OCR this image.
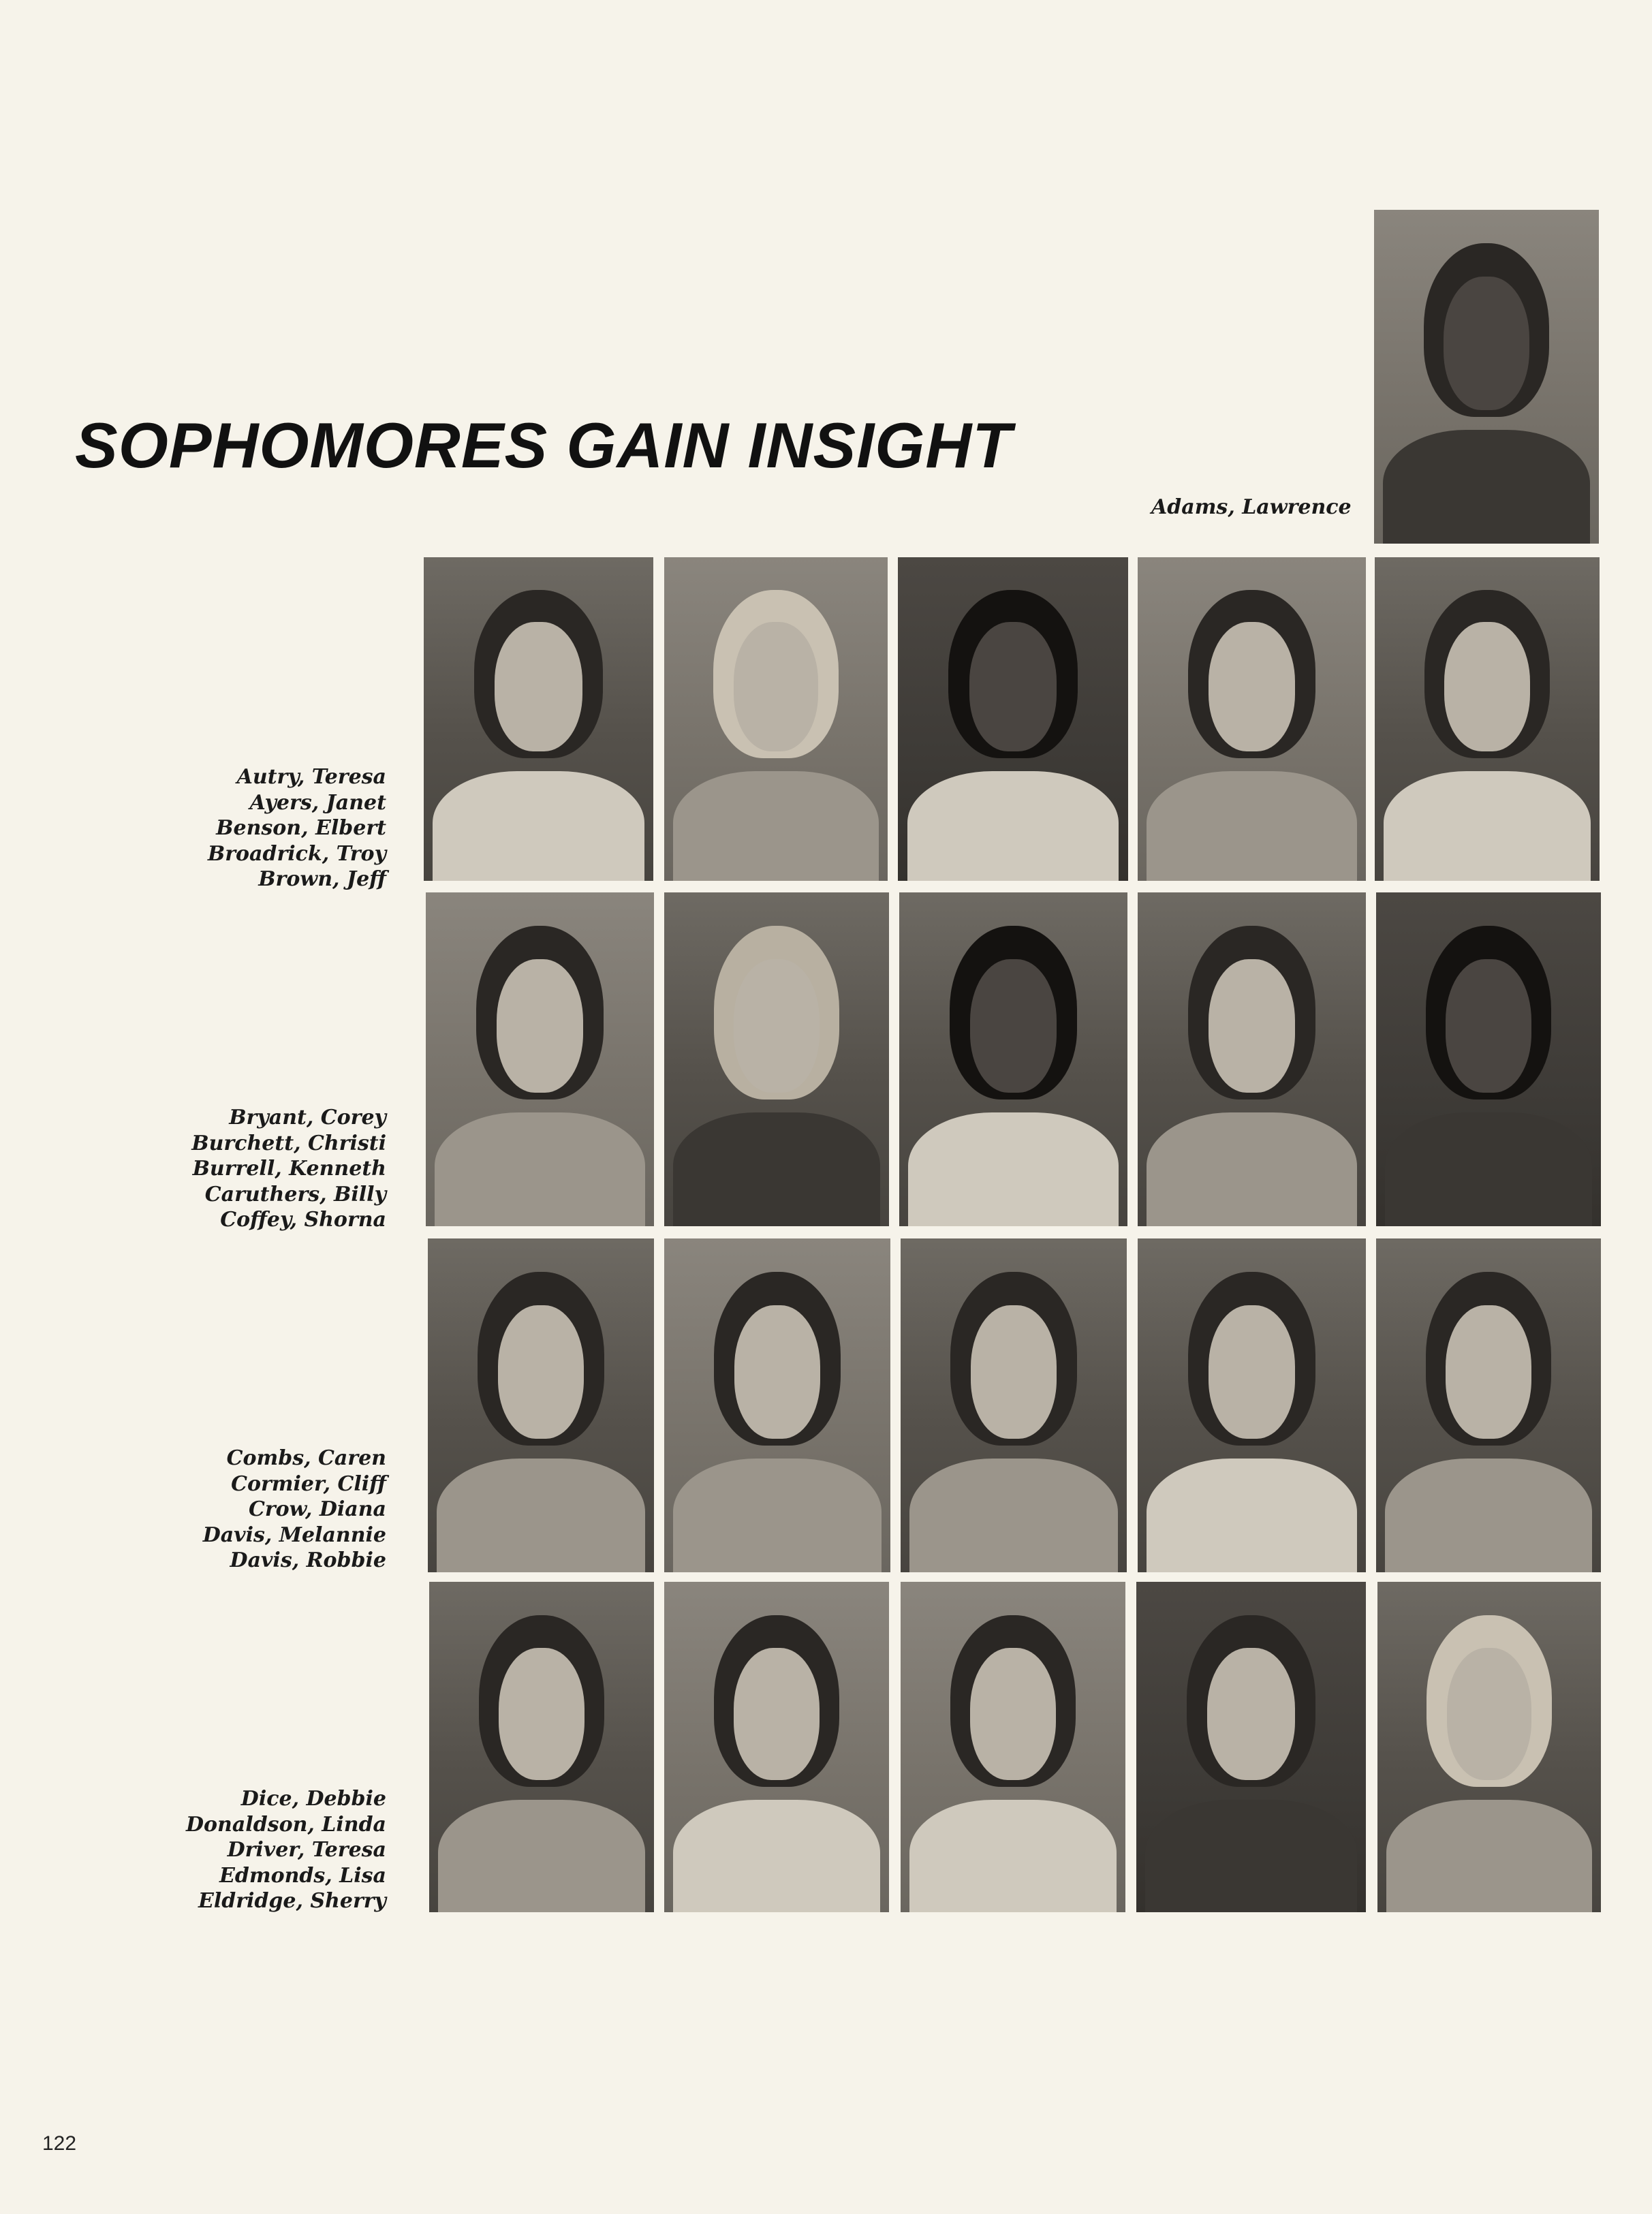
SOPHOMORES GAIN INSIGHT
Adams, Lawrence
Autry, Teresa
Ayers, Janet
Benson, Elbert
Broadrick, Troy
Brown, Jeff
Bryant, Corey
Burchett, Christi
Burrell, Kenneth
Caruthers, Billy
Coffey, Shorna
Combs, Caren
Cormier, Cliff
Crow, Diana
Davis, Melannie
Davis, Robbie
Dice, Debbie
Donaldson, Linda
Driver, Teresa
Edmonds, Lisa
Eldridge, Sherry
122
